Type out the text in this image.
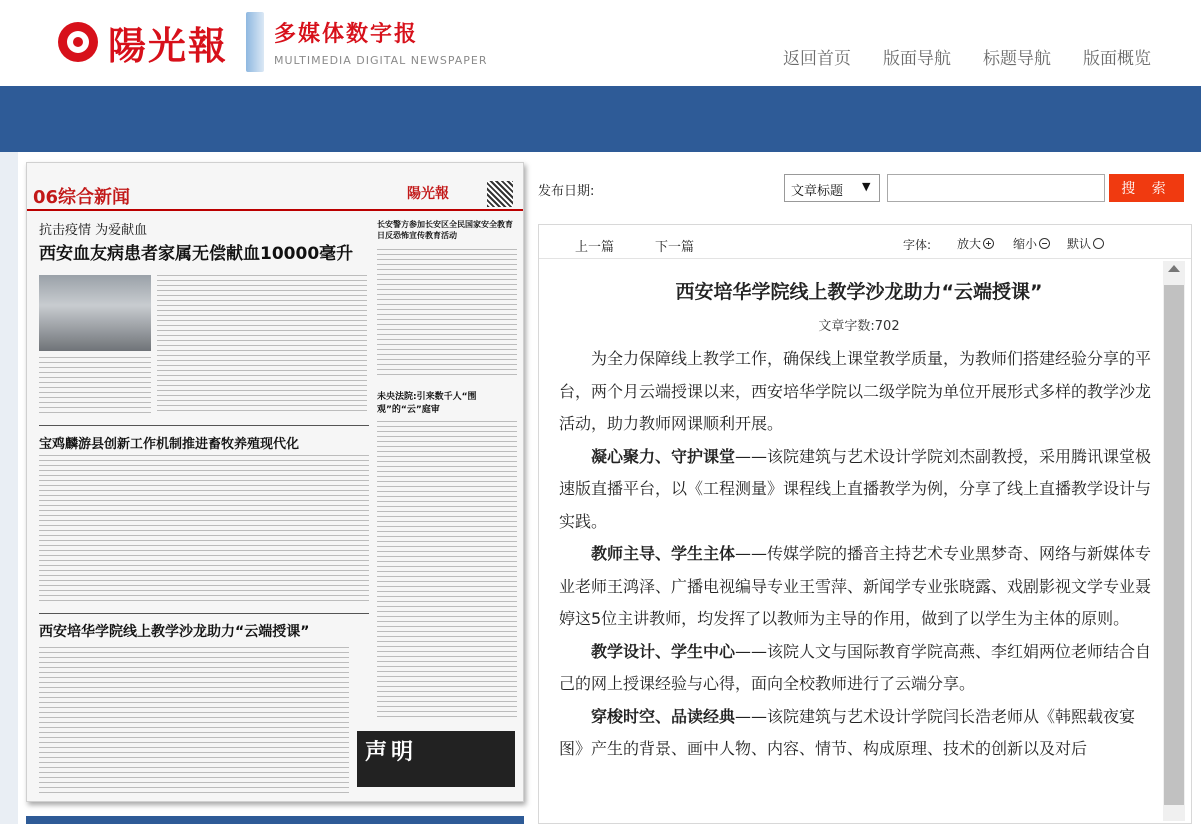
陽光報 多媒体数字报
MULTIMEDIA DIGITAL NEWSPAPER	返回首页 版面导航 标题导航 版面概览
06综合新闻	陽光報
抗击疫情 为爱献血
西安血友病患者家属无偿献血10000毫升
宝鸡麟游县创新工作机制推进畜牧养殖现代化
西安培华学院线上教学沙龙助力“云端授课”
长安警方参加长安区全民国家安全教育日反恐怖宣传教育活动
未央法院:引来数千人“围观”的“云”庭审
声明
发布日期:	文章标题	▼	搜 索
上一篇	下一篇	字体: 放大	缩小 默认
西安培华学院线上教学沙龙助力“云端授课”
文章字数:702

为全力保障线上教学工作，确保线上课堂教学质量，为教师们搭建经验分享的平台，两个月云端授课以来，西安培华学院以二级学院为单位开展形式多样的教学沙龙活动，助力教师网课顺利开展。

凝心聚力、守护课堂——该院建筑与艺术设计学院刘杰副教授，采用腾讯课堂极速版直播平台，以《工程测量》课程线上直播教学为例，分享了线上直播教学设计与实践。

教师主导、学生主体——传媒学院的播音主持艺术专业黑梦奇、网络与新媒体专业老师王鸿泽、广播电视编导专业王雪萍、新闻学专业张晓露、戏剧影视文学专业聂婷这5位主讲教师，均发挥了以教师为主导的作用，做到了以学生为主体的原则。

教学设计、学生中心——该院人文与国际教育学院高燕、李红娟两位老师结合自己的网上授课经验与心得，面向全校教师进行了云端分享。

穿梭时空、品读经典——该院建筑与艺术设计学院闫长浩老师从《韩熙载夜宴图》产生的背景、画中人物、内容、情节、构成原理、技术的创新以及对后
